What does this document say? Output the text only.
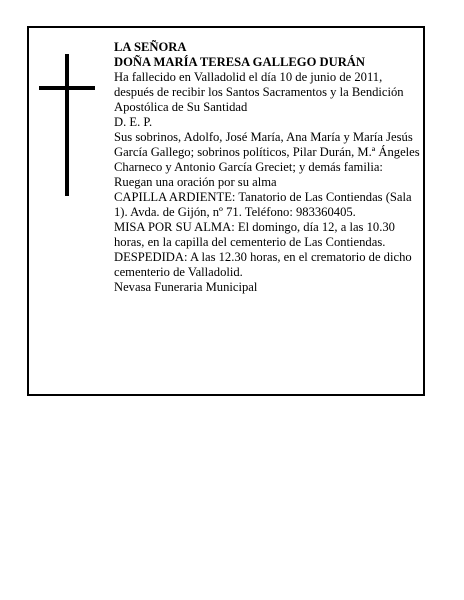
LA SEÑORA

DOÑA MARÍA TERESA GALLEGO DURÁN

Ha fallecido en Valladolid el día 10 de junio de 2011, después de recibir los Santos Sacramentos y la Bendición Apostólica de Su Santidad

D. E. P.

Sus sobrinos, Adolfo, José María, Ana María y María Jesús García Gallego; sobrinos políticos, Pilar Durán, M.ª Ángeles Charneco y Antonio García Greciet; y demás familia:

Ruegan una oración por su alma

CAPILLA ARDIENTE: Tanatorio de Las Contiendas (Sala 1). Avda. de Gijón, nº 71. Teléfono: 983360405.

MISA POR SU ALMA: El domingo, día 12, a las 10.30 horas, en la capilla del cementerio de Las Contiendas.

DESPEDIDA: A las 12.30 horas, en el crematorio de dicho cementerio de Valladolid.

Nevasa Funeraria Municipal
